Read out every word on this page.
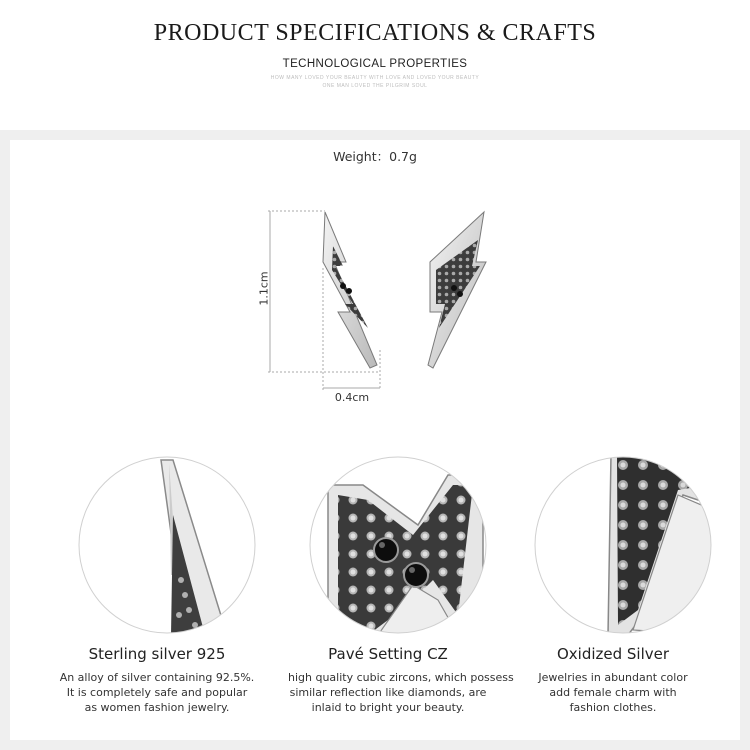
PRODUCT SPECIFICATIONS & CRAFTS
TECHNOLOGICAL PROPERTIES
HOW MANY LOVED YOUR BEAUTY WITH LOVE AND LOVED YOUR BEAUTY
ONE MAN LOVED THE PILGRIM SOUL
Weight：0.7g
1.1cm
0.4cm
Sterling silver 925
An alloy of silver containing 92.5%.
It is completely safe and popular
as women fashion jewelry.
Pavé Setting CZ
high quality cubic zircons, which possess
similar reflection like diamonds, are
inlaid to bright your beauty.
Oxidized Silver
Jewelries in abundant color
add female charm with
fashion clothes.
